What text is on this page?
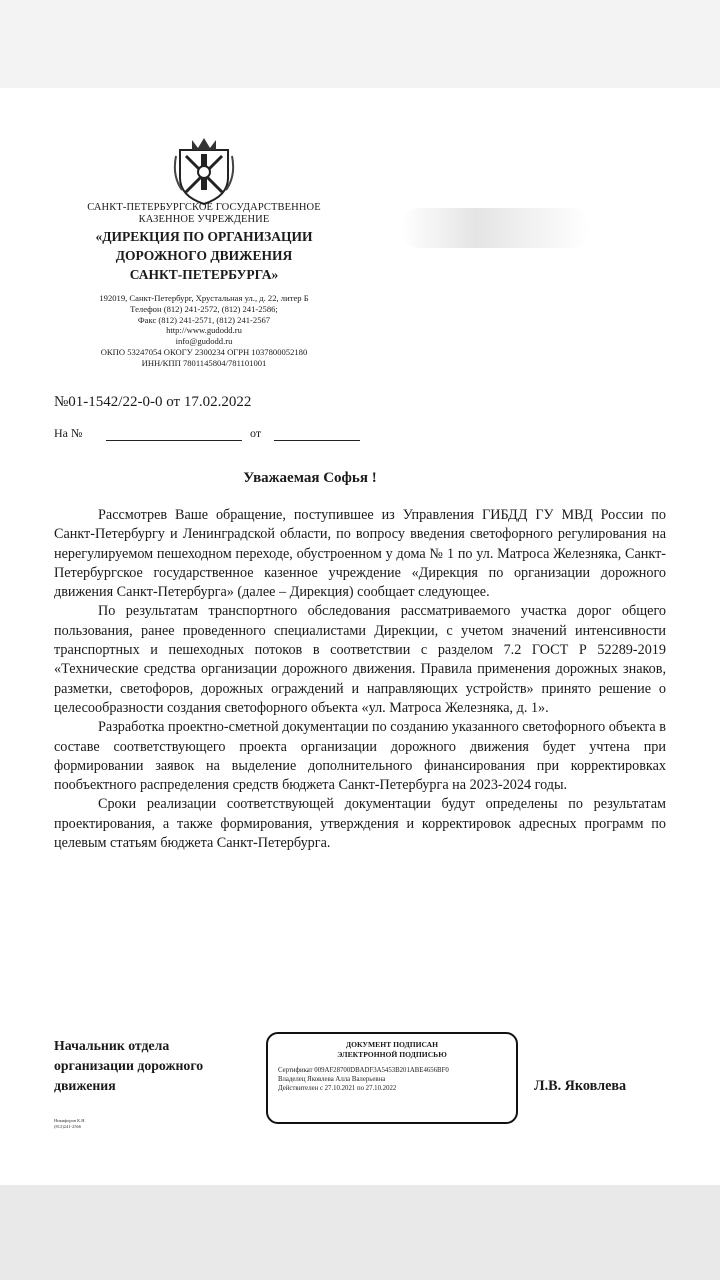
САНКТ-ПЕТЕРБУРГСКОЕ ГОСУДАРСТВЕННОЕ
КАЗЕННОЕ УЧРЕЖДЕНИЕ
«ДИРЕКЦИЯ ПО ОРГАНИЗАЦИИ
ДОРОЖНОГО ДВИЖЕНИЯ
САНКТ-ПЕТЕРБУРГА»
192019, Санкт-Петербург, Хрустальная ул., д. 22, литер Б
Телефон (812) 241-2572, (812) 241-2586;
Факс (812) 241-2571, (812) 241-2567
http://www.gudodd.ru
info@gudodd.ru
ОКПО 53247054 ОКОГУ 2300234 ОГРН 1037800052180
ИНН/КПП 7801145804/781101001
№01-1542/22-0-0 от 17.02.2022
На №	от
Уважаемая Софья !

Рассмотрев Ваше обращение, поступившее из Управления ГИБДД ГУ МВД России по Санкт-Петербургу и Ленинградской области, по вопросу введения светофорного регулирования на нерегулируемом пешеходном переходе, обустроенном у дома № 1 по ул. Матроса Железняка, Санкт-Петербургское государственное казенное учреждение «Дирекция по организации дорожного движения Санкт-Петербурга» (далее – Дирекция) сообщает следующее.

По результатам транспортного обследования рассматриваемого участка дорог общего пользования, ранее проведенного специалистами Дирекции, с учетом значений интенсивности транспортных и пешеходных потоков в соответствии с разделом 7.2 ГОСТ Р 52289-2019 «Технические средства организации дорожного движения. Правила применения дорожных знаков, разметки, светофоров, дорожных ограждений и направляющих устройств» принято решение о целесообразности создания светофорного объекта «ул. Матроса Железняка, д. 1».

Разработка проектно-сметной документации по созданию указанного светофорного объекта в составе соответствующего проекта организации дорожного движения будет учтена при формировании заявок на выделение дополнительного финансирования при корректировках пообъектного распределения средств бюджета Санкт-Петербурга на 2023-2024 годы.

Сроки реализации соответствующей документации будут определены по результатам проектирования, а также формирования, утверждения и корректировок адресных программ по целевым статьям бюджета Санкт-Петербурга.

Начальник отдела
организации дорожного
движения
ДОКУМЕНТ ПОДПИСАН
ЭЛЕКТРОННОЙ ПОДПИСЬЮ
Сертификат 009AF28700DBADF3A5453B201ABE4656BF0
Владелец Яковлева Алла Валерьевна
Действителен с 27.10.2021 по 27.10.2022	Л.В. Яковлева
Никифоров К.Н.
(812)241-2566
